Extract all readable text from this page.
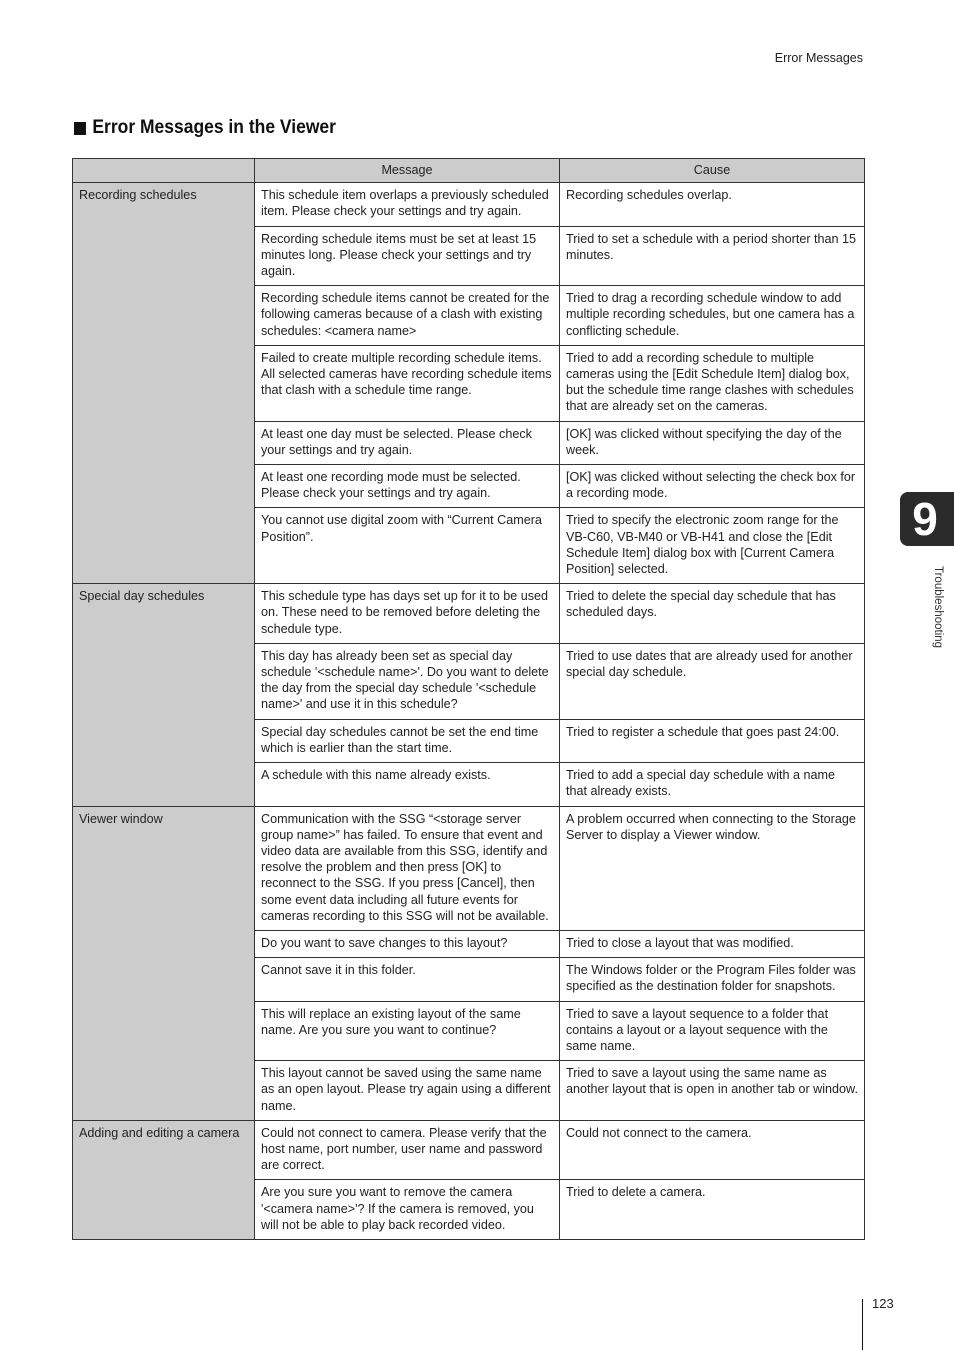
Error Messages
Error Messages in the Viewer
	Message	Cause
Recording schedules	This schedule item overlaps a previously scheduled item. Please check your settings and try again.	Recording schedules overlap.
	Recording schedule items must be set at least 15 minutes long. Please check your settings and try again.	Tried to set a schedule with a period shorter than 15 minutes.
	Recording schedule items cannot be created for the following cameras because of a clash with existing schedules: <camera name>	Tried to drag a recording schedule window to add multiple recording schedules, but one camera has a conflicting schedule.
	Failed to create multiple recording schedule items. All selected cameras have recording schedule items that clash with a schedule time range.	Tried to add a recording schedule to multiple cameras using the [Edit Schedule Item] dialog box, but the schedule time range clashes with schedules that are already set on the cameras.
	At least one day must be selected. Please check your settings and try again.	[OK] was clicked without specifying the day of the week.
	At least one recording mode must be selected. Please check your settings and try again.	[OK] was clicked without selecting the check box for a recording mode.
	You cannot use digital zoom with “Current Camera Position”.	Tried to specify the electronic zoom range for the VB-C60, VB-M40 or VB-H41 and close the [Edit Schedule Item] dialog box with [Current Camera Position] selected.
Special day schedules	This schedule type has days set up for it to be used on. These need to be removed before deleting the schedule type.	Tried to delete the special day schedule that has scheduled days.
	This day has already been set as special day schedule '<schedule name>'. Do you want to delete the day from the special day schedule '<schedule name>' and use it in this schedule?	Tried to use dates that are already used for another special day schedule.
	Special day schedules cannot be set the end time which is earlier than the start time.	Tried to register a schedule that goes past 24:00.
	A schedule with this name already exists.	Tried to add a special day schedule with a name that already exists.
Viewer window	Communication with the SSG “<storage server group name>” has failed. To ensure that event and video data are available from this SSG, identify and resolve the problem and then press [OK] to reconnect to the SSG. If you press [Cancel], then some event data including all future events for cameras recording to this SSG will not be available.	A problem occurred when connecting to the Storage Server to display a Viewer window.
	Do you want to save changes to this layout?	Tried to close a layout that was modified.
	Cannot save it in this folder.	The Windows folder or the Program Files folder was specified as the destination folder for snapshots.
	This will replace an existing layout of the same name. Are you sure you want to continue?	Tried to save a layout sequence to a folder that contains a layout or a layout sequence with the same name.
	This layout cannot be saved using the same name as an open layout. Please try again using a different name.	Tried to save a layout using the same name as another layout that is open in another tab or window.
Adding and editing a camera	Could not connect to camera. Please verify that the host name, port number, user name and password are correct.	Could not connect to the camera.
	Are you sure you want to remove the camera '<camera name>'? If the camera is removed, you will not be able to play back recorded video.	Tried to delete a camera.
9
Troubleshooting
123
